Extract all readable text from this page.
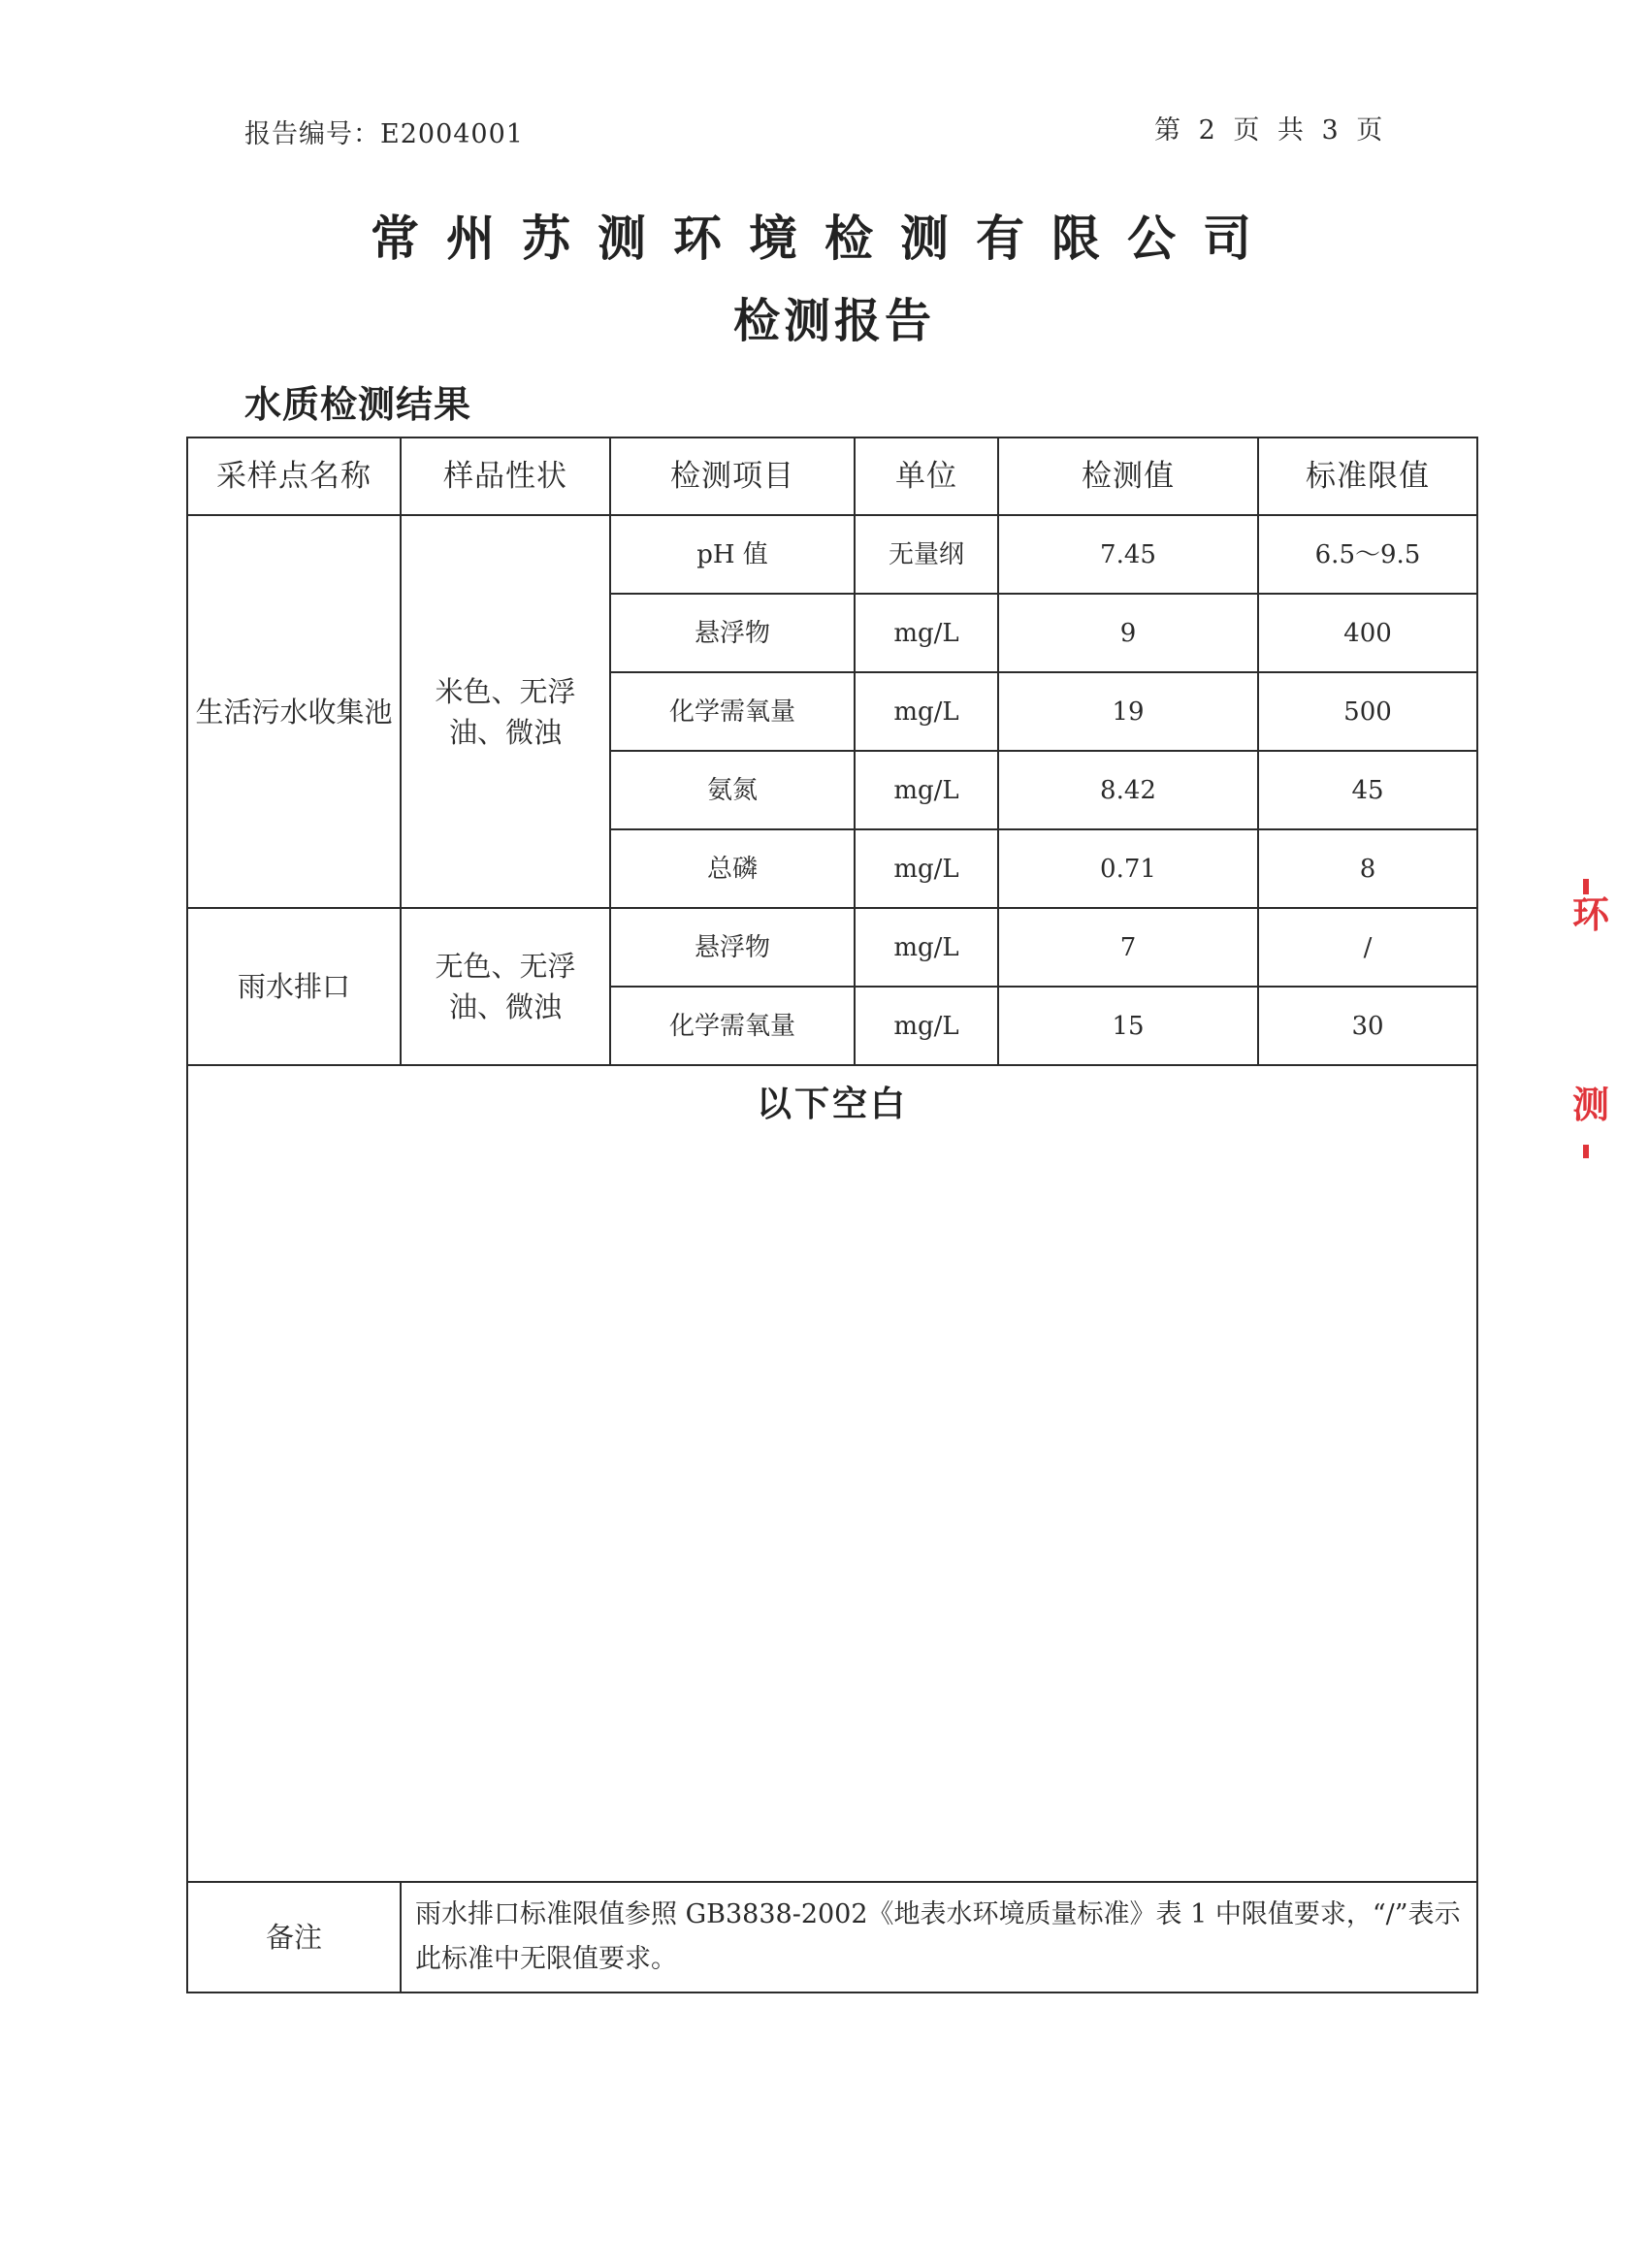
报告编号：E2004001	第 2 页 共 3 页
常州苏测环境检测有限公司
检测报告
水质检测结果
采样点名称	样品性状	检测项目	单位	检测值	标准限值
生活污水收集池	米色、无浮油、微浊	pH 值	无量纲	7.45	6.5～9.5
		悬浮物	mg/L	9	400
		化学需氧量	mg/L	19	500
		氨氮	mg/L	8.42	45
		总磷	mg/L	0.71	8
雨水排口	无色、无浮油、微浊	悬浮物	mg/L	7	/
		化学需氧量	mg/L	15	30

以下空白					

备注	雨水排口标准限值参照 GB3838-2002《地表水环境质量标准》表 1 中限值要求，“/”表示此标准中无限值要求。				
环
测
